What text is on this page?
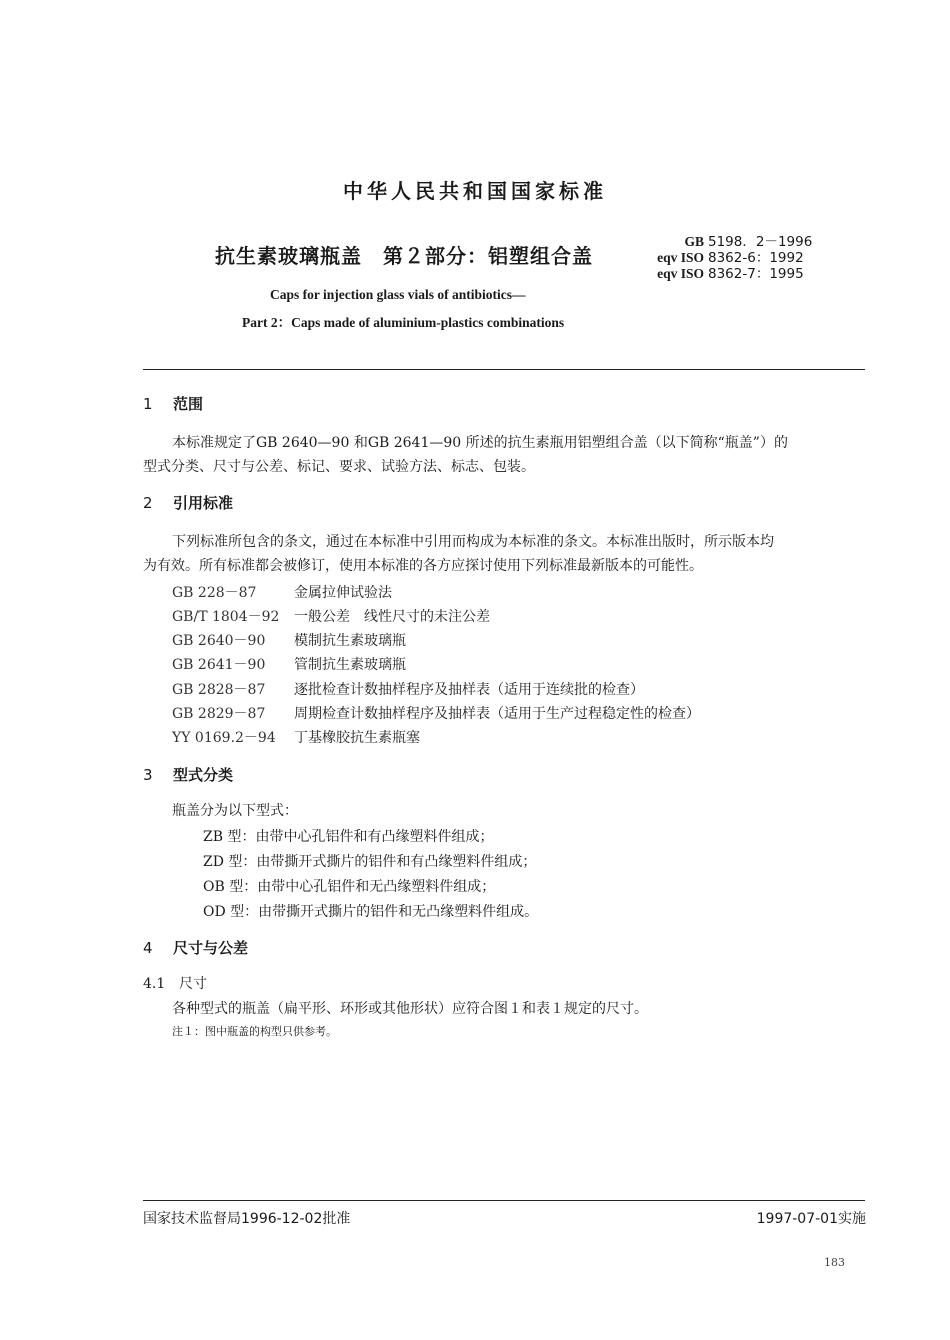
中华人民共和国国家标准
抗生素玻璃瓶盖　第２部分：铝塑组合盖
GB 5198．2－1996
eqv ISO 8362-6：1992
eqv ISO 8362-7：1995
Caps for injection glass vials of antibiotics—
Part 2：Caps made of aluminium-plastics combinations
1 范围
本标准规定了GB 2640—90 和GB 2641—90 所述的抗生素瓶用铝塑组合盖（以下简称“瓶盖”）的
型式分类、尺寸与公差、标记、要求、试验方法、标志、包装。
2 引用标准
下列标准所包含的条文，通过在本标准中引用而构成为本标准的条文。本标准出版时，所示版本均
为有效。所有标准都会被修订，使用本标准的各方应探讨使用下列标准最新版本的可能性。
GB 228－87	金属拉伸试验法
GB/T 1804－92 一般公差　线性尺寸的未注公差
GB 2640－90 模制抗生素玻璃瓶
GB 2641－90 管制抗生素玻璃瓶
GB 2828－87 逐批检查计数抽样程序及抽样表（适用于连续批的检查）
GB 2829－87 周期检查计数抽样程序及抽样表（适用于生产过程稳定性的检查）
YY 0169.2－94 丁基橡胶抗生素瓶塞
3 型式分类
瓶盖分为以下型式：
ZB 型：由带中心孔铝件和有凸缘塑料件组成；
ZD 型：由带撕开式撕片的铝件和有凸缘塑料件组成；
OB 型：由带中心孔铝件和无凸缘塑料件组成；
OD 型：由带撕开式撕片的铝件和无凸缘塑料件组成。
4 尺寸与公差
4.1 尺寸
各种型式的瓶盖（扁平形、环形或其他形状）应符合图１和表１规定的尺寸。
注１：图中瓶盖的构型只供参考。
国家技术监督局1996-12-02批准	1997-07-01实施
183
